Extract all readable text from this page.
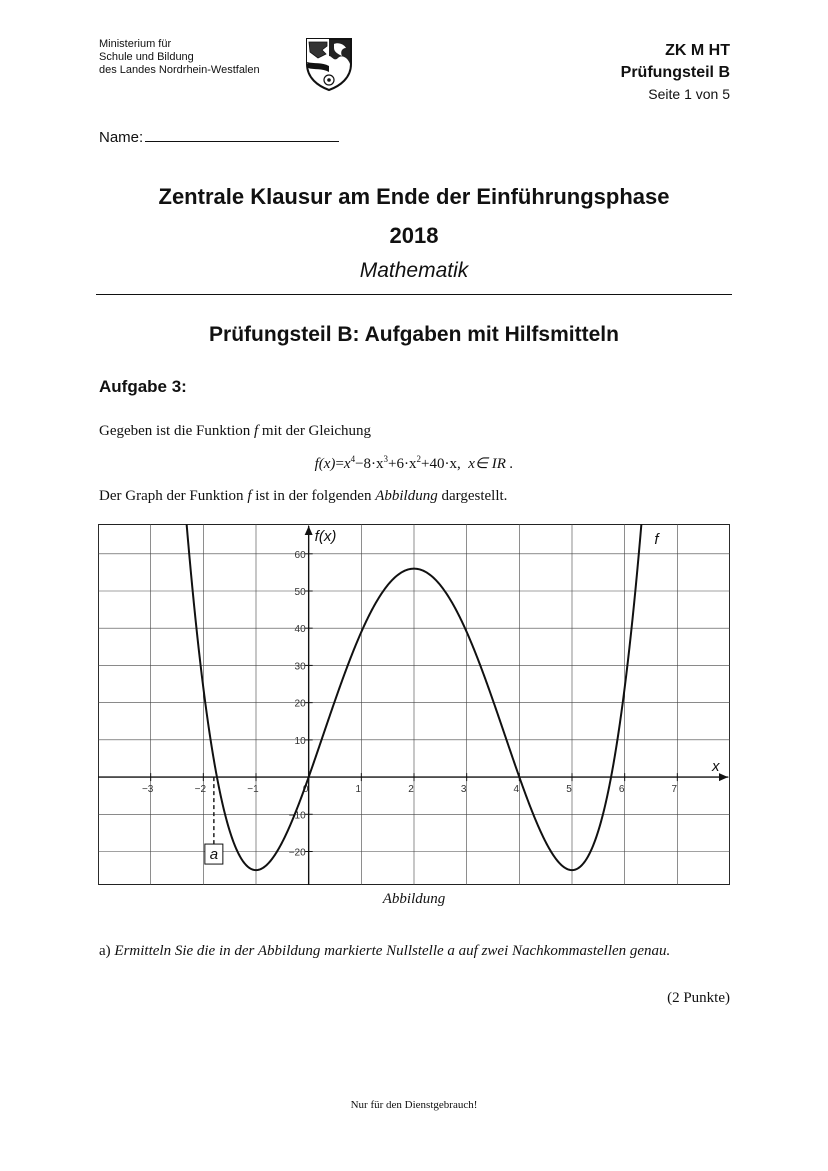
Ministerium für
Schule und Bildung
des Landes Nordrhein-Westfalen
ZK M HT
Prüfungsteil B
Seite 1 von 5
Name:
Zentrale Klausur am Ende der Einführungsphase
2018
Mathematik
Prüfungsteil B: Aufgaben mit Hilfsmitteln
Aufgabe 3:
Gegeben ist die Funktion f mit der Gleichung
$f(x)=x^4-8\cdot x^3+6\cdot x^2+40\cdot x$, x∈ IR .
Der Graph der Funktion f ist in der folgenden Abbildung dargestellt.
−3	−2	−1	0	1	2	3	4	5	6	7
−20
−10
10
20
30
40
50
60
f(x)
x
f
a
Abbildung
a) Ermitteln Sie die in der Abbildung markierte Nullstelle a auf zwei Nachkommastellen genau.
(2 Punkte)
Nur für den Dienstgebrauch!
